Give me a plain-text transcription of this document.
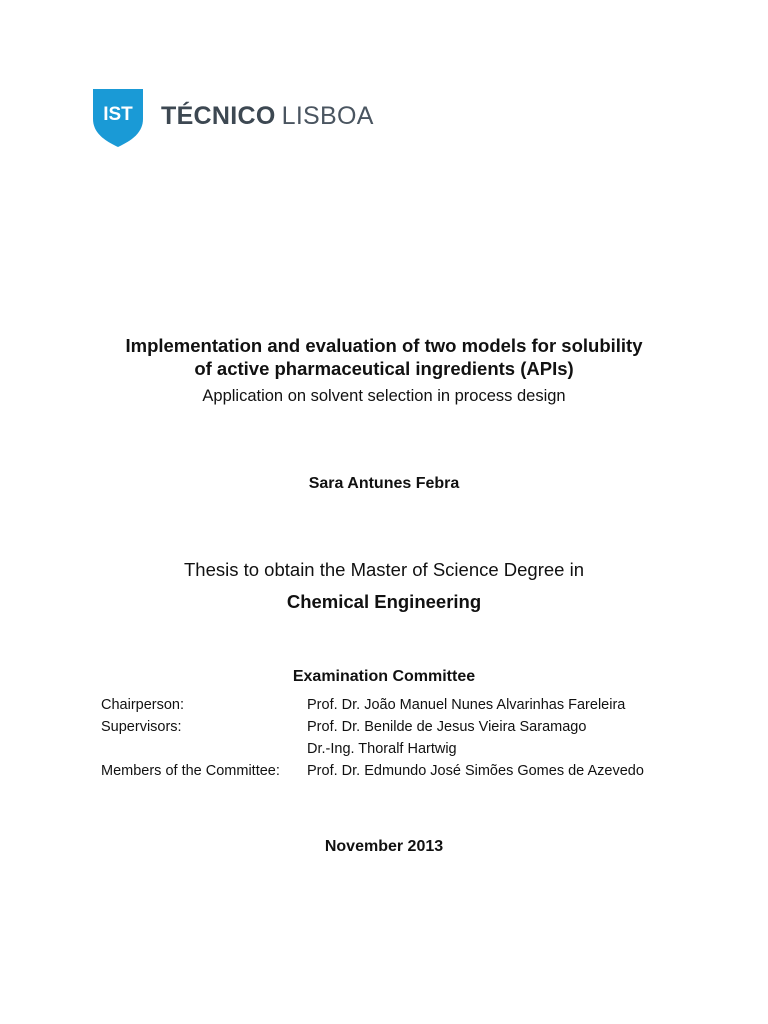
IST TÉCNICO LISBOA
Implementation and evaluation of two models for solubility
of active pharmaceutical ingredients (APIs)
Application on solvent selection in process design
Sara Antunes Febra
Thesis to obtain the Master of Science Degree in
Chemical Engineering
Examination Committee
Chairperson:	Prof. Dr. João Manuel Nunes Alvarinhas Fareleira
Supervisors:	Prof. Dr. Benilde de Jesus Vieira Saramago
Dr.-Ing. Thoralf Hartwig
Members of the Committee:	Prof. Dr. Edmundo José Simões Gomes de Azevedo
November 2013
